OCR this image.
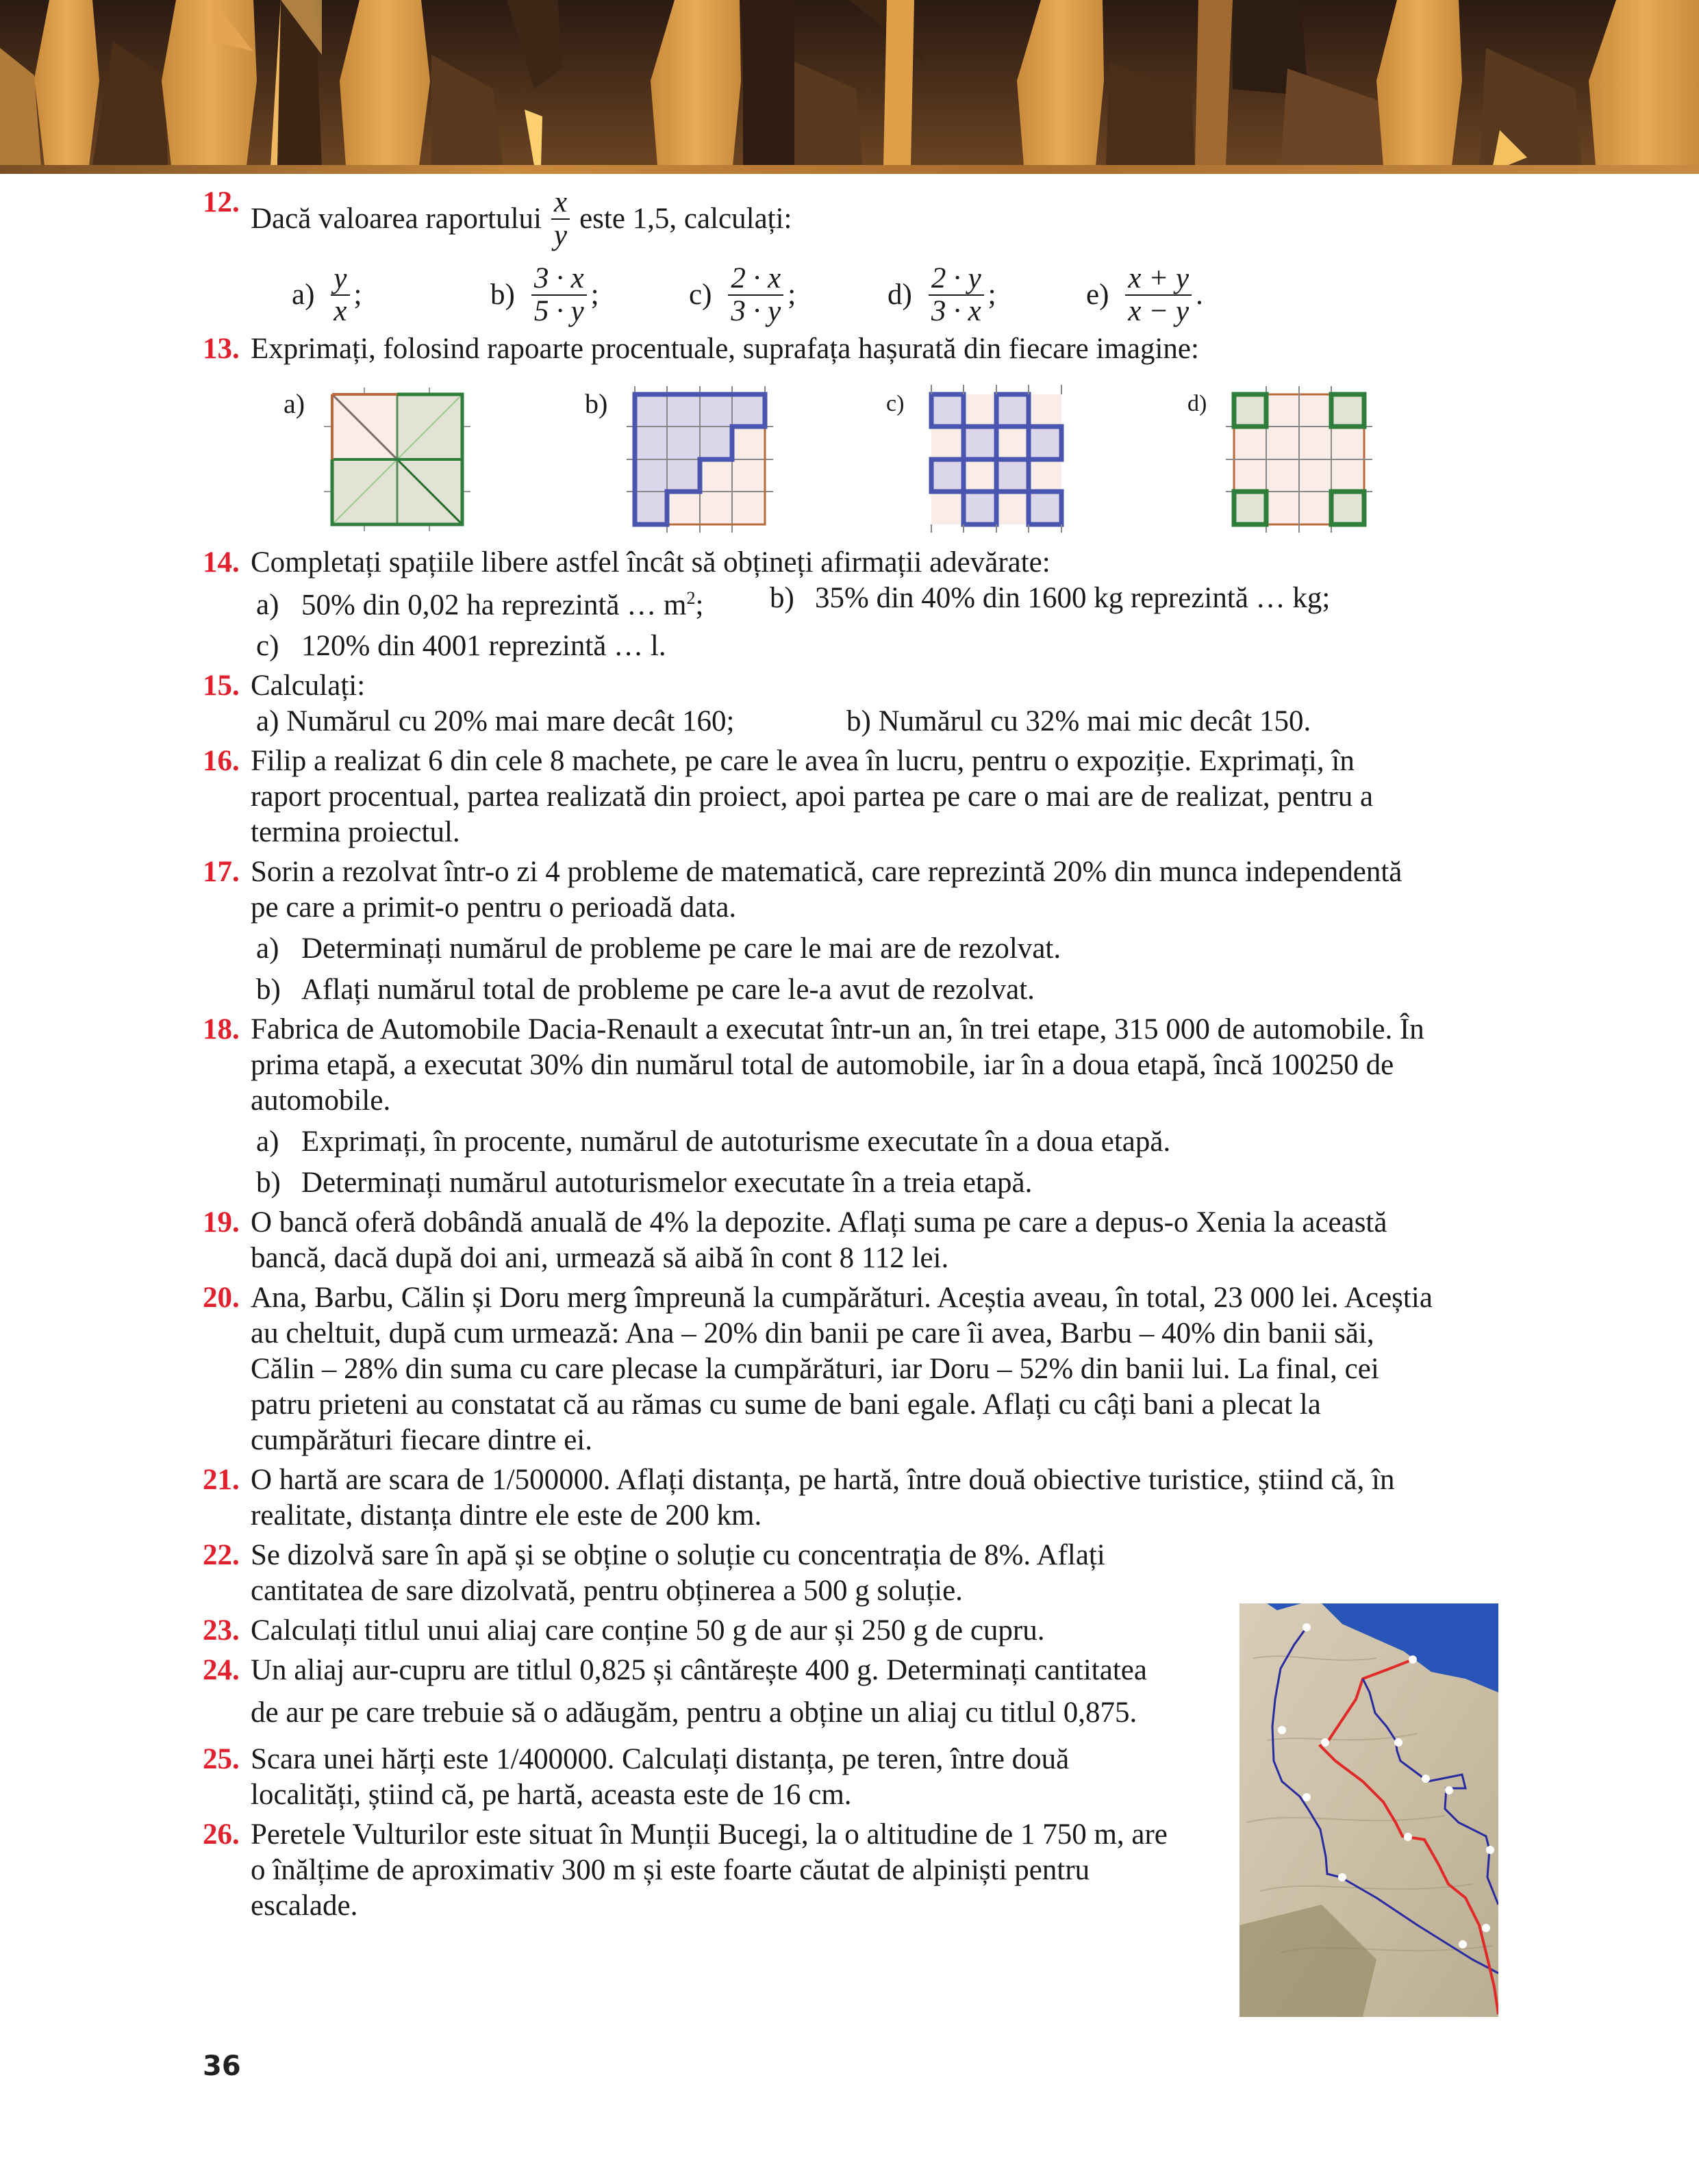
12.
Dacă valoarea raportului $\frac{x}{y}$ este 1,5, calculați:
$a) \frac{y}{x}$ ;	$b) \frac{3 \cdot x}{5 \cdot y}$ ;	$c) \frac{2 \cdot x}{3 \cdot y}$ ;	$d) \frac{2 \cdot y}{3 \cdot x}$ ;	$e) \frac{x + y}{x - y}$ .
13. Exprimați, folosind rapoarte procentuale, suprafața hașurată din fiecare imagine:
a)	b)	c)	d)
14. Completați spațiile libere astfel încât să obțineți afirmații adevărate:
a) 50% din 0,02 ha reprezintă … $m^2$;	b) 35% din 40% din 1600 kg reprezintă … kg;
c) 120% din 4001 reprezintă … l.
15. Calculați:
a) Numărul cu 20% mai mare decât 160;	b) Numărul cu 32% mai mic decât 150.
16. Filip a realizat 6 din cele 8 machete, pe care le avea în lucru, pentru o expoziție. Exprimați, în
raport procentual, partea realizată din proiect, apoi partea pe care o mai are de realizat, pentru a
termina proiectul.
17. Sorin a rezolvat într-o zi 4 probleme de matematică, care reprezintă 20% din munca independentă
pe care a primit-o pentru o perioadă data.
a) Determinați numărul de probleme pe care le mai are de rezolvat.
b) Aflați numărul total de probleme pe care le-a avut de rezolvat.
18. Fabrica de Automobile Dacia-Renault a executat într-un an, în trei etape, 315 000 de automobile. În
prima etapă, a executat 30% din numărul total de automobile, iar în a doua etapă, încă 100250 de
automobile.
a) Exprimați, în procente, numărul de autoturisme executate în a doua etapă.
b) Determinați numărul autoturismelor executate în a treia etapă.
19. O bancă oferă dobândă anuală de 4% la depozite. Aflați suma pe care a depus-o Xenia la această
bancă, dacă după doi ani, urmează să aibă în cont 8 112 lei.
20. Ana, Barbu, Călin și Doru merg împreună la cumpărături. Aceștia aveau, în total, 23 000 lei. Aceștia
au cheltuit, după cum urmează: Ana – 20% din banii pe care îi avea, Barbu – 40% din banii săi,
Călin – 28% din suma cu care plecase la cumpărături, iar Doru – 52% din banii lui. La final, cei
patru prieteni au constatat că au rămas cu sume de bani egale. Aflați cu câți bani a plecat la
cumpărături fiecare dintre ei.
21. O hartă are scara de 1/500000. Aflați distanța, pe hartă, între două obiective turistice, știind că, în
realitate, distanța dintre ele este de 200 km.
22. Se dizolvă sare în apă și se obține o soluție cu concentrația de 8%. Aflați
cantitatea de sare dizolvată, pentru obținerea a 500 g soluție.
23. Calculați titlul unui aliaj care conține 50 g de aur și 250 g de cupru.
24. Un aliaj aur-cupru are titlul 0,825 și cântărește 400 g. Determinați cantitatea
de aur pe care trebuie să o adăugăm, pentru a obține un aliaj cu titlul 0,875.
25. Scara unei hărți este 1/400000. Calculați distanța, pe teren, între două
localități, știind că, pe hartă, aceasta este de 16 cm.
26. Peretele Vulturilor este situat în Munții Bucegi, la o altitudine de 1 750 m, are
o înălțime de aproximativ 300 m și este foarte căutat de alpiniști pentru
escalade.
36
